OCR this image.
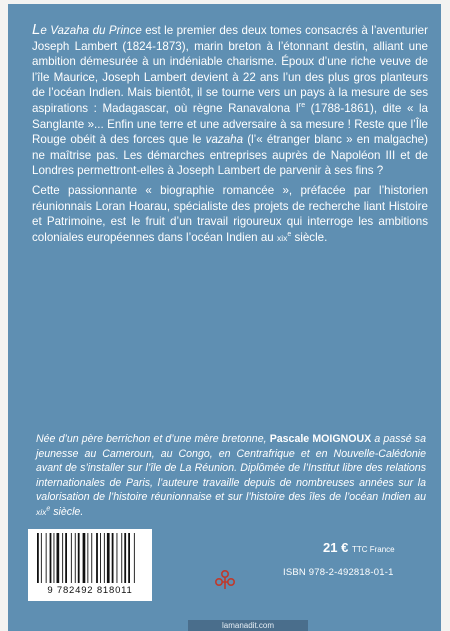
Le Vazaha du Prince est le premier des deux tomes consacrés à l’aventurier Joseph Lambert (1824-1873), marin breton à l’étonnant destin, alliant une ambition démesurée à un indéniable charisme. Époux d’une riche veuve de l’île Maurice, Joseph Lambert devient à 22 ans l’un des plus gros planteurs de l’océan Indien. Mais bientôt, il se tourne vers un pays à la mesure de ses aspirations : Madagascar, où règne Ranavalona Ire (1788-1861), dite « la Sanglante »... Enfin une terre et une adversaire à sa mesure ! Reste que l’Île Rouge obéit à des forces que le vazaha (l’« étranger blanc » en malgache) ne maîtrise pas. Les démarches entreprises auprès de Napoléon III et de Londres permettront-elles à Joseph Lambert de parvenir à ses fins ?

Cette passionnante « biographie romancée », préfacée par l’historien réunionnais Loran Hoarau, spécialiste des projets de recherche liant Histoire et Patrimoine, est le fruit d’un travail rigoureux qui interroge les ambitions coloniales européennes dans l’océan Indien au xix$^e$ siècle.

Née d’un père berrichon et d’une mère bretonne, Pascale MOIGNOUX a passé sa jeunesse au Cameroun, au Congo, en Centrafrique et en Nouvelle-Calédonie avant de s’installer sur l’île de La Réunion. Diplômée de l’Institut libre des relations internationales de Paris, l’auteure travaille depuis de nombreuses années sur la valorisation de l’histoire réunionnaise et sur l’histoire des îles de l’océan Indien au xix$^e$ siècle.

9 782492 818011
21 € TTC France
ISBN 978-2-492818-01-1
lamanadit.com
